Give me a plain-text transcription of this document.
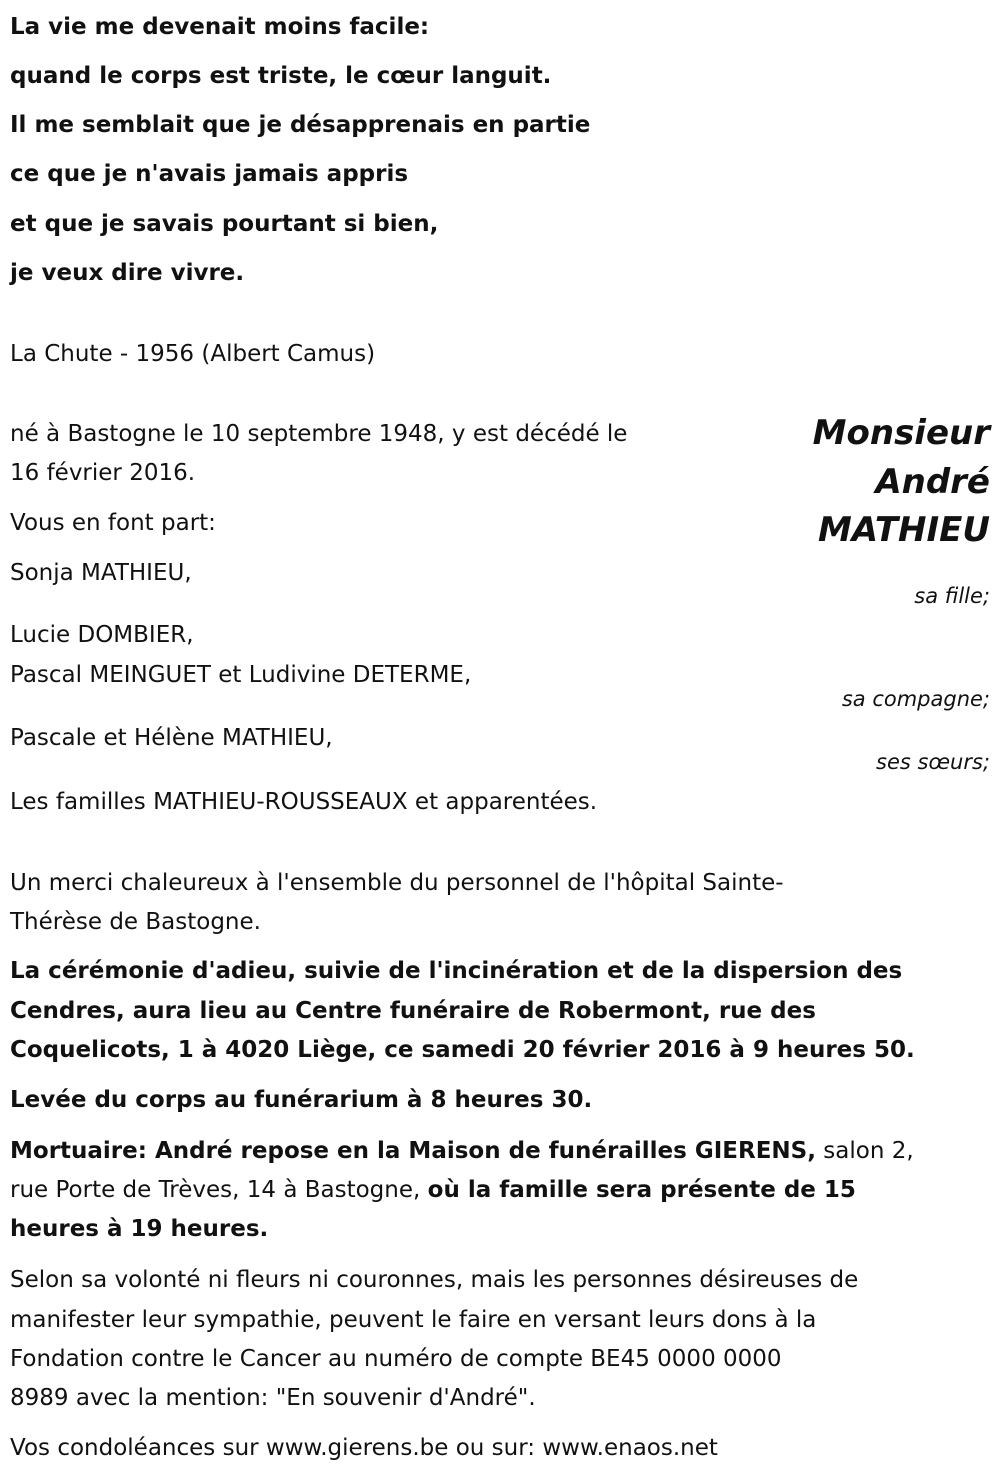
La vie me devenait moins facile:

quand le corps est triste, le cœur languit.

Il me semblait que je désapprenais en partie

ce que je n'avais jamais appris

et que je savais pourtant si bien,

je veux dire vivre.

La Chute - 1956 (Albert Camus)

Monsieur

André

MATHIEU

né à Bastogne le 10 septembre 1948, y est décédé le

16 février 2016.

Vous en font part:

Sonja MATHIEU,

sa fille;

Lucie DOMBIER,

Pascal MEINGUET et Ludivine DETERME,

sa compagne;

Pascale et Hélène MATHIEU,

ses sœurs;

Les familles MATHIEU-ROUSSEAUX et apparentées.

Un merci chaleureux à l'ensemble du personnel de l'hôpital Sainte-

Thérèse de Bastogne.

La cérémonie d'adieu, suivie de l'incinération et de la dispersion des

Cendres, aura lieu au Centre funéraire de Robermont, rue des

Coquelicots, 1 à 4020 Liège, ce samedi 20 février 2016 à 9 heures 50.

Levée du corps au funérarium à 8 heures 30.

Mortuaire: André repose en la Maison de funérailles GIERENS, salon 2,

rue Porte de Trèves, 14 à Bastogne, où la famille sera présente de 15

heures à 19 heures.

Selon sa volonté ni fleurs ni couronnes, mais les personnes désireuses de

manifester leur sympathie, peuvent le faire en versant leurs dons à la

Fondation contre le Cancer au numéro de compte BE45 0000 0000

8989 avec la mention: "En souvenir d'André".

Vos condoléances sur www.gierens.be ou sur: www.enaos.net
